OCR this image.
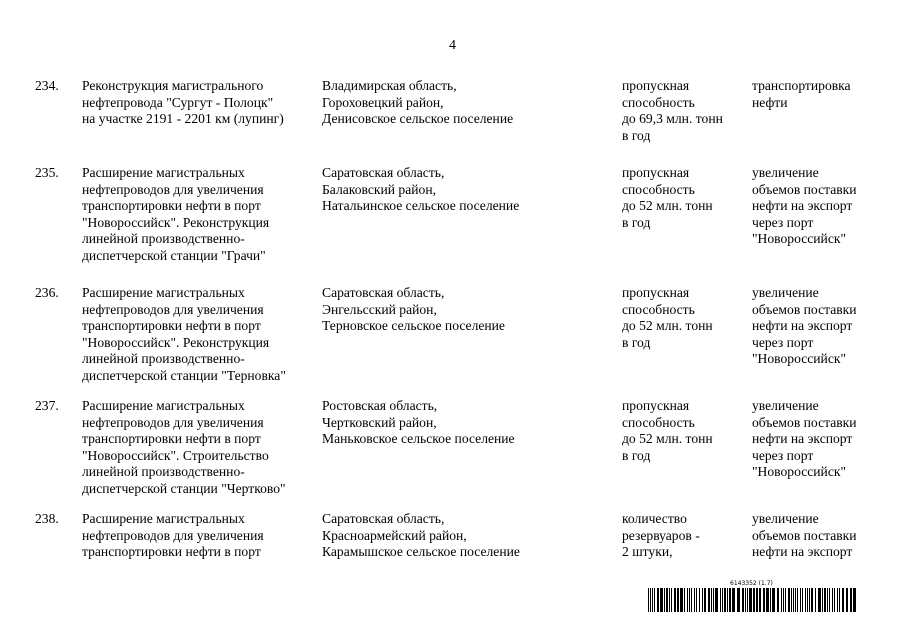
4
234. Реконструкция магистрального
нефтепровода "Сургут - Полоцк"
на участке 2191 - 2201 км (лупинг)
Владимирская область,
Гороховецкий район,
Денисовское сельское поселение
пропускная
способность
до 69,3 млн. тонн
в год
транспортировка
нефти
235. Расширение магистральных
нефтепроводов для увеличения
транспортировки нефти в порт
"Новороссийск". Реконструкция
линейной производственно-
диспетчерской станции "Грачи"
Саратовская область,
Балаковский район,
Натальинское сельское поселение
пропускная
способность
до 52 млн. тонн
в год
увеличение
объемов поставки
нефти на экспорт
через порт
"Новороссийск"
236. Расширение магистральных
нефтепроводов для увеличения
транспортировки нефти в порт
"Новороссийск". Реконструкция
линейной производственно-
диспетчерской станции "Терновка"
Саратовская область,
Энгельсский район,
Терновское сельское поселение
пропускная
способность
до 52 млн. тонн
в год
увеличение
объемов поставки
нефти на экспорт
через порт
"Новороссийск"
237. Расширение магистральных
нефтепроводов для увеличения
транспортировки нефти в порт
"Новороссийск". Строительство
линейной производственно-
диспетчерской станции "Чертково"
Ростовская область,
Чертковский район,
Маньковское сельское поселение
пропускная
способность
до 52 млн. тонн
в год
увеличение
объемов поставки
нефти на экспорт
через порт
"Новороссийск"
238. Расширение магистральных
нефтепроводов для увеличения
транспортировки нефти в порт
Саратовская область,
Красноармейский район,
Карамышское сельское поселение
количество
резервуаров -
2 штуки,
увеличение
объемов поставки
нефти на экспорт
6143352 (1.7)
